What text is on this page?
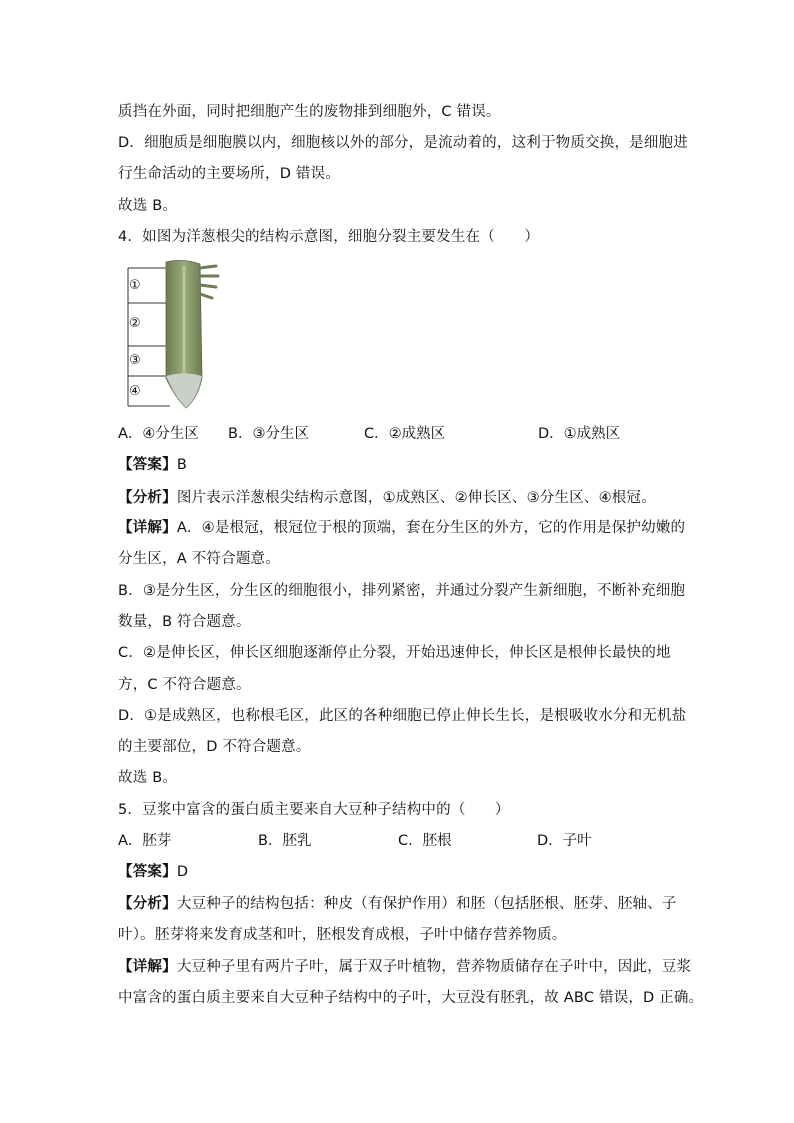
质挡在外面，同时把细胞产生的废物排到细胞外，C 错误。
D．细胞质是细胞膜以内，细胞核以外的部分，是流动着的，这利于物质交换，是细胞进
行生命活动的主要场所，D 错误。
故选 B。
4．如图为洋葱根尖的结构示意图，细胞分裂主要发生在（　　）
①
②
③
④
A．④分生区 B．③分生区	C．②成熟区	D．①成熟区
【答案】B
【分析】图片表示洋葱根尖结构示意图，①成熟区、②伸长区、③分生区、④根冠。
【详解】A．④是根冠，根冠位于根的顶端，套在分生区的外方，它的作用是保护幼嫩的
分生区，A 不符合题意。
B．③是分生区，分生区的细胞很小，排列紧密，并通过分裂产生新细胞，不断补充细胞
数量，B 符合题意。
C．②是伸长区，伸长区细胞逐渐停止分裂，开始迅速伸长，伸长区是根伸长最快的地
方，C 不符合题意。
D．①是成熟区，也称根毛区，此区的各种细胞已停止伸长生长，是根吸收水分和无机盐
的主要部位，D 不符合题意。
故选 B。
5．豆浆中富含的蛋白质主要来自大豆种子结构中的（　　）
A．胚芽	B．胚乳	C．胚根	D．子叶
【答案】D
【分析】大豆种子的结构包括：种皮（有保护作用）和胚（包括胚根、胚芽、胚轴、子
叶）。胚芽将来发育成茎和叶，胚根发育成根，子叶中储存营养物质。
【详解】大豆种子里有两片子叶，属于双子叶植物，营养物质储存在子叶中，因此，豆浆
中富含的蛋白质主要来自大豆种子结构中的子叶，大豆没有胚乳，故 ABC 错误，D 正确。
